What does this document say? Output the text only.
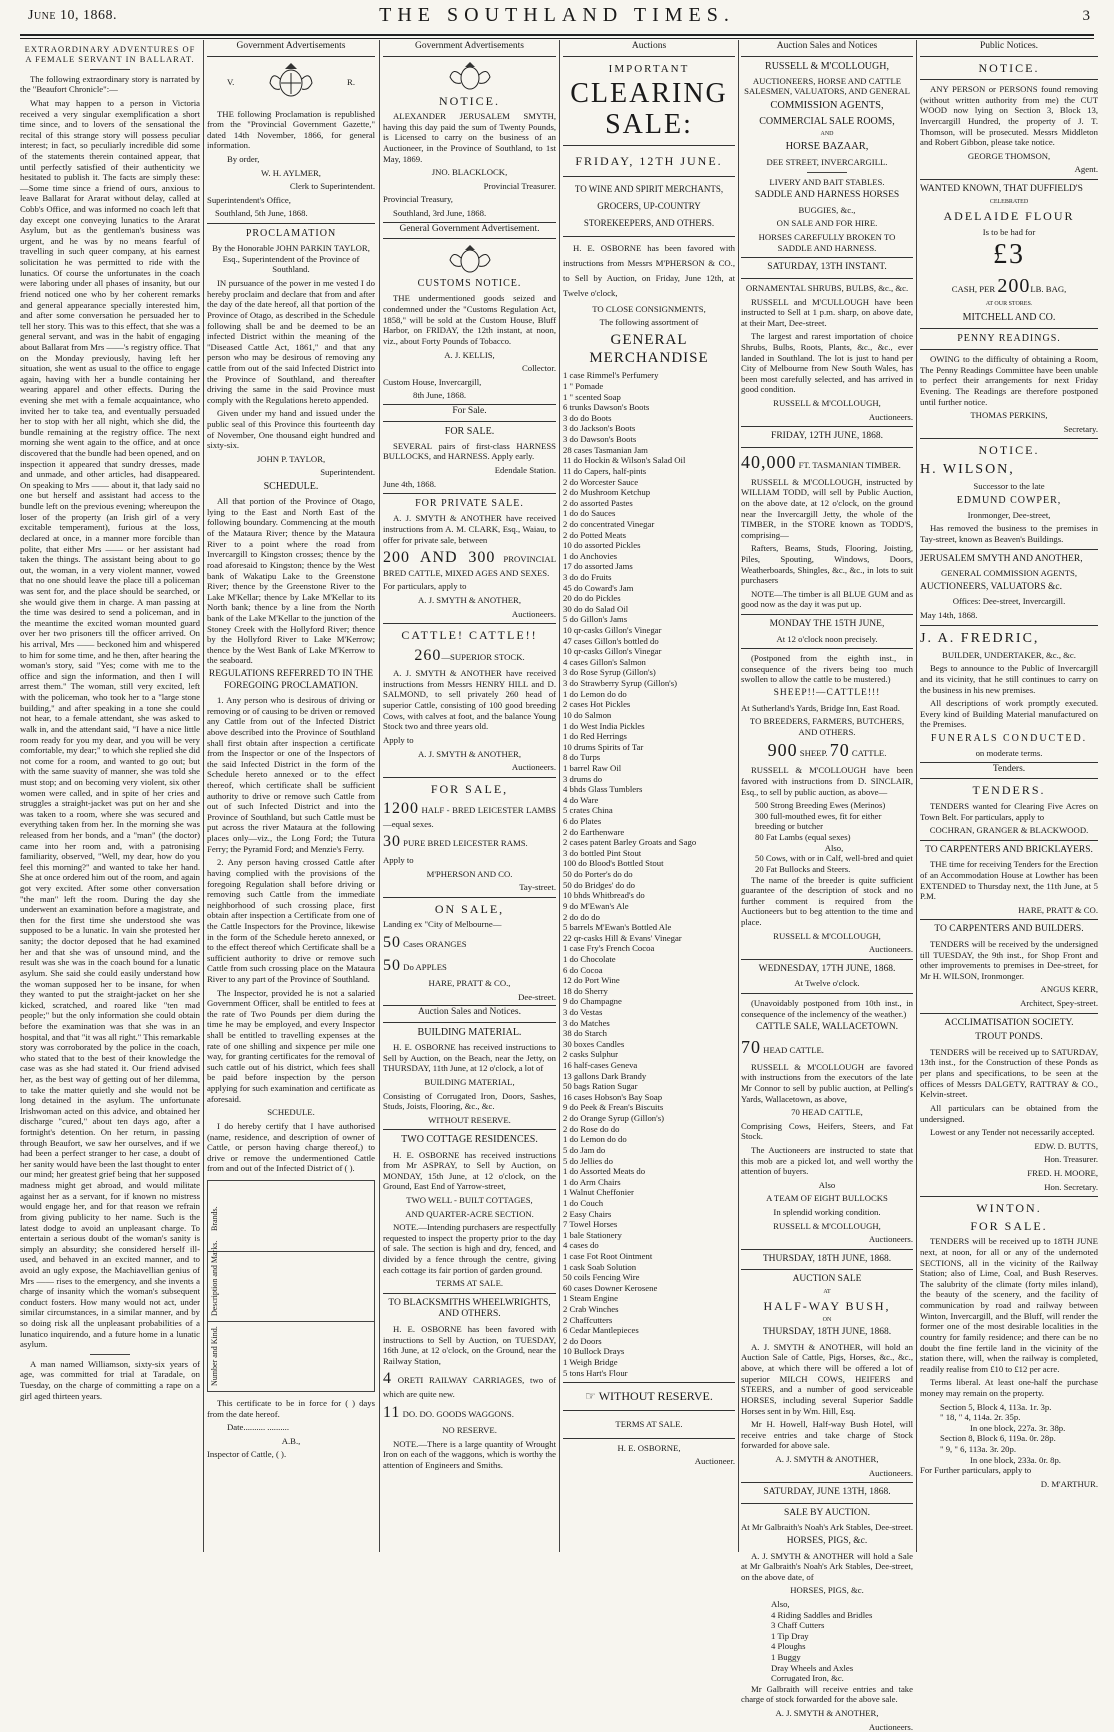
June 10, 1868.	THE SOUTHLAND TIMES.	3
EXTRAORDINARY ADVENTURES OF A FEMALE SERVANT IN BALLARAT.

The following extraordinary story is narrated by the "Beaufort Chronicle":—

What may happen to a person in Victoria received a very singular exemplification a short time since, and to lovers of the sensational the recital of this strange story will possess peculiar interest; in fact, so peculiarly incredible did some of the statements therein contained appear, that until perfectly satisfied of their authenticity we hesitated to publish it. The facts are simply these:—Some time since a friend of ours, anxious to leave Ballarat for Ararat without delay, called at Cobb's Office, and was informed no coach left that day except one conveying lunatics to the Ararat Asylum, but as the gentleman's business was urgent, and he was by no means fearful of travelling in such queer company, at his earnest solicitation he was permitted to ride with the lunatics. Of course the unfortunates in the coach were laboring under all phases of insanity, but our friend noticed one who by her coherent remarks and general appearance specially interested him, and after some conversation he persuaded her to tell her story. This was to this effect, that she was a general servant, and was in the habit of engaging about Ballarat from Mrs ——'s registry office. That on the Monday previously, having left her situation, she went as usual to the office to engage again, having with her a bundle containing her wearing apparel and other effects. During the evening she met with a female acquaintance, who invited her to take tea, and eventually persuaded her to stop with her all night, which she did, the bundle remaining at the registry office. The next morning she went again to the office, and at once discovered that the bundle had been opened, and on inspection it appeared that sundry dresses, made and unmade, and other articles, had disappeared. On speaking to Mrs —— about it, that lady said no one but herself and assistant had access to the bundle left on the previous evening; whereupon the loser of the property (an Irish girl of a very excitable temperament), furious at the loss, declared at once, in a manner more forcible than polite, that either Mrs —— or her assistant had taken the things. The assistant being about to go out, the woman, in a very violent manner, vowed that no one should leave the place till a policeman was sent for, and the place should be searched, or she would give them in charge. A man passing at the time was desired to send a policeman, and in the meantime the excited woman mounted guard over her two prisoners till the officer arrived. On his arrival, Mrs —— beckoned him and whispered to him for some time, and he then, after hearing the woman's story, said "Yes; come with me to the office and sign the information, and then I will arrest them." The woman, still very excited, left with the policeman, who took her to a "large stone building," and after speaking in a tone she could not hear, to a female attendant, she was asked to walk in, and the attendant said, "I have a nice little room ready for you my dear, and you will be very comfortable, my dear;" to which she replied she did not come for a room, and wanted to go out; but with the same suavity of manner, she was told she must stop; and on becoming very violent, six other women were called, and in spite of her cries and struggles a straight-jacket was put on her and she was taken to a room, where she was secured and everything taken from her. In the morning she was released from her bonds, and a "man" (the doctor) came into her room and, with a patronising familiarity, observed, "Well, my dear, how do you feel this morning?" and wanted to take her hand. She at once ordered him out of the room, and again got very excited. After some other conversation "the man" left the room. During the day she underwent an examination before a magistrate, and then for the first time she understood she was supposed to be a lunatic. In vain she protested her sanity; the doctor deposed that he had examined her and that she was of unsound mind, and the result was she was in the coach bound for a lunatic asylum. She said she could easily understand how the woman supposed her to be insane, for when they wanted to put the straight-jacket on her she kicked, scratched, and roared like "ten mad people;" but the only information she could obtain before the examination was that she was in an hospital, and that "it was all right." This remarkable story was corroborated by the police in the coach, who stated that to the best of their knowledge the case was as she had stated it. Our friend advised her, as the best way of getting out of her dilemma, to take the matter quietly and she would not be long detained in the asylum. The unfortunate Irishwoman acted on this advice, and obtained her discharge "cured," about ten days ago, after a fortnight's detention. On her return, in passing through Beaufort, we saw her ourselves, and if we had been a perfect stranger to her case, a doubt of her sanity would have been the last thought to enter our mind; her greatest grief being that her supposed madness might get abroad, and would militate against her as a servant, for if known no mistress would engage her, and for that reason we refrain from giving publicity to her name. Such is the latest dodge to avoid an unpleasant charge. To entertain a serious doubt of the woman's sanity is simply an absurdity; she considered herself ill-used, and behaved in an excited manner, and to avoid an ugly expose, the Machiavellian genius of Mrs —— rises to the emergency, and she invents a charge of insanity which the woman's subsequent conduct fosters. How many would not act, under similar circumstances, in a similar manner, and by so doing risk all the unpleasant probabilities of a lunatico inquirendo, and a future home in a lunatic asylum.

A man named Williamson, sixty-six years of age, was committed for trial at Taradale, on Tuesday, on the charge of committing a rape on a girl aged thirteen years.

Government Advertisements
V.	R.

THE following Proclamation is republished from the "Provincial Government Gazette," dated 14th November, 1866, for general information.

By order,

W. H. AYLMER,

Clerk to Superintendent.

Superintendent's Office,

Southland, 5th June, 1868.

PROCLAMATION

By the Honorable JOHN PARKIN TAYLOR, Esq., Superintendent of the Province of Southland.

IN pursuance of the power in me vested I do hereby proclaim and declare that from and after the day of the date hereof, all that portion of the Province of Otago, as described in the Schedule following shall be and be deemed to be an infected District within the meaning of the "Diseased Cattle Act, 1861," and that any person who may be desirous of removing any cattle from out of the said Infected District into the Province of Southland, and thereafter driving the same in the said Province must comply with the Regulations hereto appended.

Given under my hand and issued under the public seal of this Province this fourteenth day of November, One thousand eight hundred and sixty-six.

JOHN P. TAYLOR,

Superintendent.

SCHEDULE.

All that portion of the Province of Otago, lying to the East and North East of the following boundary. Commencing at the mouth of the Mataura River; thence by the Mataura River to a point where the road from Invercargill to Kingston crosses; thence by the road aforesaid to Kingston; thence by the West bank of Wakatipu Lake to the Greenstone River; thence by the Greenstone River to the Lake M'Kellar; thence by Lake M'Kellar to its North bank; thence by a line from the North bank of the Lake M'Kellar to the junction of the Stoney Creek with the Hollyford River; thence by the Hollyford River to Lake M'Kerrow; thence by the West Bank of Lake M'Kerrow to the seaboard.

REGULATIONS REFERRED TO IN THE FOREGOING PROCLAMATION.

1. Any person who is desirous of driving or removing or of causing to be driven or removed any Cattle from out of the Infected District above described into the Province of Southland shall first obtain after inspection a certificate from the Inspector or one of the Inspectors of the said Infected District in the form of the Schedule hereto annexed or to the effect thereof, which certificate shall be sufficient authority to drive or remove such Cattle from out of such Infected District and into the Province of Southland, but such Cattle must be put across the river Mataura at the following places only—viz., the Long Ford; the Tutura Ferry; the Pyramid Ford; and Menzie's Ferry.

2. Any person having crossed Cattle after having complied with the provisions of the foregoing Regulation shall before driving or removing such Cattle from the immediate neighborhood of such crossing place, first obtain after inspection a Certificate from one of the Cattle Inspectors for the Province, likewise in the form of the Schedule hereto annexed, or to the effect thereof which Certificate shall be a sufficient authority to drive or remove such Cattle from such crossing place on the Mataura River to any part of the Province of Southland.

The Inspector, provided he is not a salaried Government Officer, shall be entitled to fees at the rate of Two Pounds per diem during the time he may be employed, and every Inspector shall be entitled to travelling expenses at the rate of one shilling and sixpence per mile one way, for granting certificates for the removal of such cattle out of his district, which fees shall be paid before inspection by the person applying for such examination and certificate as aforesaid.

SCHEDULE.

I do hereby certify that I have authorised (name, residence, and description of owner of Cattle, or person having charge thereof,) to drive or remove the undermentioned Cattle from and out of the Infected District of ( ).

Brands.
Description and Marks.
Number and Kind.

This certificate to be in force for ( ) days from the date hereof.

Date.......... ..........

A.B.,

Inspector of Cattle, ( ).

Government Advertisements

NOTICE.

ALEXANDER JERUSALEM SMYTH, having this day paid the sum of Twenty Pounds, is Licensed to carry on the business of an Auctioneer, in the Province of Southland, to 1st May, 1869.

JNO. BLACKLOCK,

Provincial Treasurer.

Provincial Treasury,

Southland, 3rd June, 1868.

General Government Advertisement.

CUSTOMS NOTICE.

THE undermentioned goods seized and condemned under the "Customs Regulation Act, 1858," will be sold at the Custom House, Bluff Harbor, on FRIDAY, the 12th instant, at noon, viz., about Forty Pounds of Tobacco.

A. J. KELLIS,

Collector.

Custom House, Invercargill,

8th June, 1868.

For Sale.

FOR SALE.

SEVERAL pairs of first-class HARNESS BULLOCKS, and HARNESS. Apply early.

Edendale Station.

June 4th, 1868.

FOR PRIVATE SALE.

A. J. SMYTH & ANOTHER have received instructions from A. M. CLARK, Esq., Waiau, to offer for private sale, between

200 AND 300 PROVINCIAL BRED CATTLE, MIXED AGES AND SEXES.

For particulars, apply to

A. J. SMYTH & ANOTHER,

Auctioneers.

CATTLE! CATTLE!!

260—SUPERIOR STOCK.

A. J. SMYTH & ANOTHER have received instructions from Messrs HENRY HILL and D. SALMOND, to sell privately 260 head of superior Cattle, consisting of 100 good breeding Cows, with calves at foot, and the balance Young Stock two and three years old.

Apply to

A. J. SMYTH & ANOTHER,

Auctioneers.

FOR SALE,

1200 HALF - BRED LEICESTER LAMBS—equal sexes.

30 PURE BRED LEICESTER RAMS.

Apply to

M'PHERSON AND CO.

Tay-street.

ON SALE,

Landing ex "City of Melbourne—

50 Cases ORANGES

50 Do APPLES

HARE, PRATT & CO.,

Dee-street.

Auction Sales and Notices.

BUILDING MATERIAL.

H. E. OSBORNE has received instructions to Sell by Auction, on the Beach, near the Jetty, on THURSDAY, 11th June, at 12 o'clock, a lot of

BUILDING MATERIAL,

Consisting of Corrugated Iron, Doors, Sashes, Studs, Joists, Flooring, &c., &c.

WITHOUT RESERVE.

TWO COTTAGE RESIDENCES.

H. E. OSBORNE has received instructions from Mr ASPRAY, to Sell by Auction, on MONDAY, 15th June, at 12 o'clock, on the Ground, East End of Yarrow-street,

TWO WELL - BUILT COTTAGES,

AND QUARTER-ACRE SECTION.

NOTE.—Intending purchasers are respectfully requested to inspect the property prior to the day of sale. The section is high and dry, fenced, and divided by a fence through the centre, giving each cottage its fair portion of garden ground.

TERMS AT SALE.

TO BLACKSMITHS WHEELWRIGHTS, AND OTHERS.

H. E. OSBORNE has been favored with instructions to Sell by Auction, on TUESDAY, 16th June, at 12 o'clock, on the Ground, near the Railway Station,

4 ORETI RAILWAY CARRIAGES, two of which are quite new.

11 DO. DO. GOODS WAGGONS.

NO RESERVE.

NOTE.—There is a large quantity of Wrought Iron on each of the waggons, which is worthy the attention of Engineers and Smiths.

Auctions

IMPORTANT

CLEARING SALE:

FRIDAY, 12TH JUNE.

TO WINE AND SPIRIT MERCHANTS, GROCERS, UP-COUNTRY STOREKEEPERS, AND OTHERS.

H. E. OSBORNE has been favored with instructions from Messrs M'PHERSON & CO., to Sell by Auction, on Friday, June 12th, at Twelve o'clock,

TO CLOSE CONSIGNMENTS,

The following assortment of

GENERAL MERCHANDISE

1 case Rimmel's Perfumery
1 " Pomade
1 " scented Soap
6 trunks Dawson's Boots
3 do do Boots
3 do Jackson's Boots
3 do Dawson's Boots
28 cases Tasmanian Jam
11 do Hockin & Wilson's Salad Oil
11 do Capers, half-pints
2 do Worcester Sauce
2 do Mushroom Ketchup
2 do assorted Pastes
1 do do Sauces
2 do concentrated Vinegar
2 do Potted Meats
10 do assorted Pickles
1 do Anchovies
17 do assorted Jams
3 do do Fruits
45 do Coward's Jam
20 do do Pickles
30 do do Salad Oil
5 do Gillon's Jams
10 qr-casks Gillon's Vinegar
47 cases Gillon's bottled do
10 qr-casks Gillon's Vinegar
4 cases Gillon's Salmon
3 do Rose Syrup (Gillon's)
3 do Strawberry Syrup (Gillon's)
1 do Lemon do do
2 cases Hot Pickles
10 do Salmon
1 do West India Pickles
1 do Red Herrings
10 drums Spirits of Tar
8 do Turps
1 barrel Raw Oil
3 drums do
4 bhds Glass Tumblers
4 do Ware
5 crates China
6 do Plates
2 do Earthenware
2 cases patent Barley Groats and Sago
3 do bottled Pint Stout
100 do Blood's Bottled Stout
50 do Porter's do do
50 do Bridges' do do
10 bhds Whitbread's do
9 do M'Ewan's Ale
2 do do do
5 barrels M'Ewan's Bottled Ale
22 qr-casks Hill & Evans' Vinegar
1 case Fry's French Cocoa
1 do Chocolate
6 do Cocoa
12 do Port Wine
18 do Sherry
9 do Champagne
3 do Vestas
3 do Matches
38 do Starch
30 boxes Candles
2 casks Sulphur
16 half-cases Geneva
13 gallons Dark Brandy
50 bags Ration Sugar
16 cases Hobson's Bay Soap
9 do Peek & Frean's Biscuits
2 do Orange Syrup (Gillon's)
2 do Rose do do
1 do Lemon do do
5 do Jam do
5 do Jellies do
1 do Assorted Meats do
1 do Arm Chairs
1 Walnut Cheffonier
1 do Couch
2 Easy Chairs
7 Towel Horses
1 bale Stationery
4 cases do
1 case Fot Root Ointment
1 cask Soab Solution
50 coils Fencing Wire
60 cases Downer Kerosene
1 Steam Engine
2 Crab Winches
2 Chaffcutters
6 Cedar Mantlepieces
2 do Doors
10 Bullock Drays
1 Weigh Bridge
5 tons Hart's Flour

☞ WITHOUT RESERVE.

TERMS AT SALE.

H. E. OSBORNE,

Auctioneer.

Auction Sales and Notices

RUSSELL & M'COLLOUGH,

AUCTIONEERS, HORSE AND CATTLE SALESMEN, VALUATORS, AND GENERAL

COMMISSION AGENTS,

COMMERCIAL SALE ROOMS,

AND

HORSE BAZAAR,

DEE STREET, INVERCARGILL.

LIVERY AND BAIT STABLES.

SADDLE AND HARNESS HORSES

BUGGIES, &c.,

ON SALE AND FOR HIRE.

HORSES CAREFULLY BROKEN TO SADDLE AND HARNESS.

SATURDAY, 13TH INSTANT.

ORNAMENTAL SHRUBS, BULBS, &c., &c.

RUSSELL and M'CULLOUGH have been instructed to Sell at 1 p.m. sharp, on above date, at their Mart, Dee-street.

The largest and rarest importation of choice Shrubs, Bulbs, Roots, Plants, &c., &c., ever landed in Southland. The lot is just to hand per City of Melbourne from New South Wales, has been most carefully selected, and has arrived in good condition.

RUSSELL & M'COLLOUGH,

Auctioneers.

FRIDAY, 12TH JUNE, 1868.

40,000 FT. TASMANIAN TIMBER.

RUSSELL & M'COLLOUGH, instructed by WILLIAM TODD, will sell by Public Auction, on the above date, at 12 o'clock, on the ground near the Invercargill Jetty, the whole of the TIMBER, in the STORE known as TODD'S, comprising—

Rafters, Beams, Studs, Flooring, Joisting, Piles, Spouting, Windows, Doors, Weatherboards, Shingles, &c., &c., in lots to suit purchasers

NOTE—The timber is all BLUE GUM and as good now as the day it was put up.

MONDAY THE 15TH JUNE,

At 12 o'clock noon precisely.

(Postponed from the eighth inst., in consequence of the rivers being too much swollen to allow the cattle to be mustered.)

SHEEP!!—CATTLE!!!

At Sutherland's Yards, Bridge Inn, East Road.

TO BREEDERS, FARMERS, BUTCHERS, AND OTHERS.

900 SHEEP. 70 CATTLE.

RUSSELL & M'COLLOUGH have been favored with instructions from D. SINCLAIR, Esq., to sell by public auction, as above—

500 Strong Breeding Ewes (Merinos)
300 full-mouthed ewes, fit for either breeding or butcher
80 Fat Lambs (equal sexes)
Also,
50 Cows, with or in Calf, well-bred and quiet
20 Fat Bullocks and Steers.

The name of the breeder is quite sufficient guarantee of the description of stock and no further comment is required from the Auctioneers but to beg attention to the time and place.

RUSSELL & M'COLLOUGH,

Auctioneers.

WEDNESDAY, 17TH JUNE, 1868.

At Twelve o'clock.

(Unavoidably postponed from 10th inst., in consequence of the inclemency of the weather.)

CATTLE SALE, WALLACETOWN.

70 HEAD CATTLE.

RUSSELL & M'COLLOUGH are favored with instructions from the executors of the late Mr Connor to sell by public auction, at Pelling's Yards, Wallacetown, as above,

70 HEAD CATTLE,

Comprising Cows, Heifers, Steers, and Fat Stock.

The Auctioneers are instructed to state that this mob are a picked lot, and well worthy the attention of buyers.

Also

A TEAM OF EIGHT BULLOCKS

In splendid working condition.

RUSSELL & M'COLLOUGH,

Auctioneers.

THURSDAY, 18TH JUNE, 1868.

AUCTION SALE

AT

HALF-WAY BUSH,

ON

THURSDAY, 18TH JUNE, 1868.

A. J. SMYTH & ANOTHER, will hold an Auction Sale of Cattle, Pigs, Horses, &c., &c., above, at which there will be offered a lot of superior MILCH COWS, HEIFERS and STEERS, and a number of good serviceable HORSES, including several Superior Saddle Horses sent in by Wm. Hill, Esq.

Mr H. Howell, Half-way Bush Hotel, will receive entries and take charge of Stock forwarded for above sale.

A. J. SMYTH & ANOTHER,

Auctioneers.

SATURDAY, JUNE 13TH, 1868.

SALE BY AUCTION.

At Mr Galbraith's Noah's Ark Stables, Dee-street.

HORSES, PIGS, &c.

A. J. SMYTH & ANOTHER will hold a Sale at Mr Galbraith's Noah's Ark Stables, Dee-street, on the above date, of

HORSES, PIGS, &c.

Also,
4 Riding Saddles and Bridles
3 Chaff Cutters
1 Tip Dray
4 Ploughs
1 Buggy
Dray Wheels and Axles
Corrugated Iron, &c.

Mr Galbraith will receive entries and take charge of stock forwarded for the above sale.

A. J. SMYTH & ANOTHER,

Auctioneers.

Public Notices.

NOTICE.

ANY PERSON or PERSONS found removing (without written authority from me) the CUT WOOD now lying on Section 3, Block 13, Invercargill Hundred, the property of J. T. Thomson, will be prosecuted. Messrs Middleton and Robert Gibbon, please take notice.

GEORGE THOMSON,

Agent.

WANTED KNOWN, THAT DUFFIELD'S

CELEBRATED

ADELAIDE FLOUR

Is to be had for

£3

CASH, PER 200LB. BAG,

AT OUR STORES.

MITCHELL AND CO.

PENNY READINGS.

OWING to the difficulty of obtaining a Room, The Penny Readings Committee have been unable to perfect their arrangements for next Friday Evening. The Readings are therefore postponed until further notice.

THOMAS PERKINS,

Secretary.

NOTICE.

H. WILSON,

Successor to the late

EDMUND COWPER,

Ironmonger, Dee-street,

Has removed the business to the premises in Tay-street, known as Beaven's Buildings.

JERUSALEM SMYTH AND ANOTHER,

GENERAL COMMISSION AGENTS,

AUCTIONEERS, VALUATORS &c.

Offices: Dee-street, Invercargill.

May 14th, 1868.

J. A. FREDRIC,

BUILDER, UNDERTAKER, &c., &c.

Begs to announce to the Public of Invercargill and its vicinity, that he still continues to carry on the business in his new premises.

All descriptions of work promptly executed. Every kind of Building Material manufactured on the Premises.

FUNERALS CONDUCTED.

on moderate terms.

Tenders.

TENDERS.

TENDERS wanted for Clearing Five Acres on Town Belt. For particulars, apply to

COCHRAN, GRANGER & BLACKWOOD.

TO CARPENTERS AND BRICKLAYERS.

THE time for receiving Tenders for the Erection of an Accommodation House at Lowther has been EXTENDED to Thursday next, the 11th June, at 5 P.M.

HARE, PRATT & CO.

TO CARPENTERS AND BUILDERS.

TENDERS will be received by the undersigned till TUESDAY, the 9th inst., for Shop Front and other improvements to premises in Dee-street, for Mr H. WILSON, Ironmonger.

ANGUS KERR,

Architect, Spey-street.

ACCLIMATISATION SOCIETY.

TROUT PONDS.

TENDERS will be received up to SATURDAY, 13th inst., for the Construction of these Ponds as per plans and specifications, to be seen at the offices of Messrs DALGETY, RATTRAY & CO., Kelvin-street.

All particulars can be obtained from the undersigned.

Lowest or any Tender not necessarily accepted.

EDW. D. BUTTS,

Hon. Treasurer.

FRED. H. MOORE,

Hon. Secretary.

WINTON.

FOR SALE.

TENDERS will be received up to 18TH JUNE next, at noon, for all or any of the undernoted SECTIONS, all in the vicinity of the Railway Station; also of Lime, Coal, and Bush Reserves. The salubrity of the climate (forty miles inland), the beauty of the scenery, and the facility of communication by road and railway between Winton, Invercargill, and the Bluff, will render the former one of the most desirable localities in the country for family residence; and there can be no doubt the fine fertile land in the vicinity of the station there, will, when the railway is completed, readily realise from £10 to £12 per acre.

Terms liberal. At least one-half the purchase money may remain on the property.

Section 5, Block 4, 113a. 1r. 3p.
" 18, " 4, 114a. 2r. 35p.
In one block, 227a. 3r. 38p.
Section 8, Block 6, 119a. 0r. 28p.
" 9, " 6, 113a. 3r. 20p.
In one block, 233a. 0r. 8p.

For Further particulars, apply to

D. M'ARTHUR.
